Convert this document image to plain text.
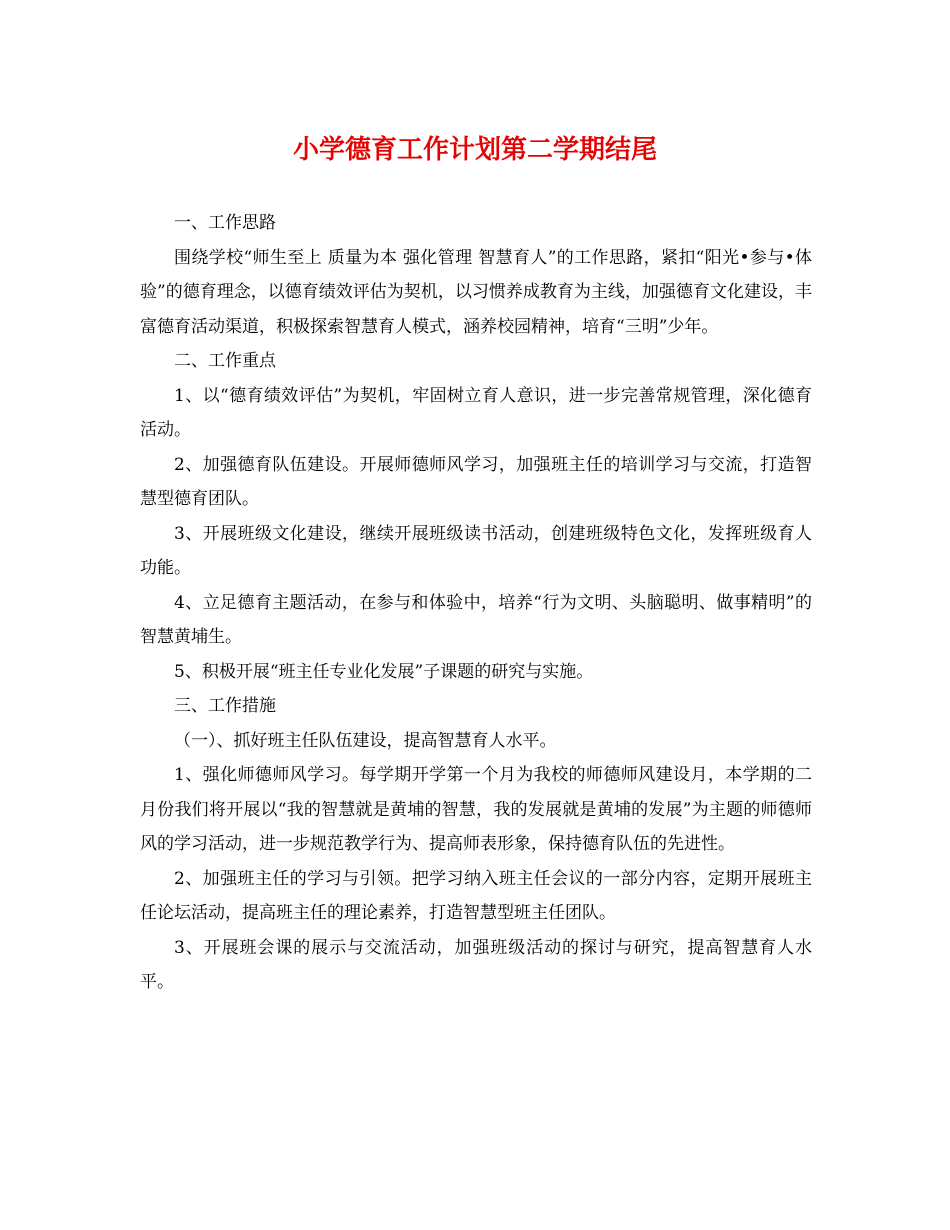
小学德育工作计划第二学期结尾

一、工作思路

围绕学校“师生至上 质量为本 强化管理 智慧育人”的工作思路，紧扣“阳光•参与•体验”的德育理念，以德育绩效评估为契机，以习惯养成教育为主线，加强德育文化建设，丰富德育活动渠道，积极探索智慧育人模式，涵养校园精神，培育“三明”少年。

二、工作重点

1、以“德育绩效评估”为契机，牢固树立育人意识，进一步完善常规管理，深化德育活动。

2、加强德育队伍建设。开展师德师风学习，加强班主任的培训学习与交流，打造智慧型德育团队。

3、开展班级文化建设，继续开展班级读书活动，创建班级特色文化，发挥班级育人功能。

4、立足德育主题活动，在参与和体验中，培养“行为文明、头脑聪明、做事精明”的智慧黄埔生。

5、积极开展“班主任专业化发展”子课题的研究与实施。

三、工作措施

（一）、抓好班主任队伍建设，提高智慧育人水平。

1、强化师德师风学习。每学期开学第一个月为我校的师德师风建设月，本学期的二月份我们将开展以“我的智慧就是黄埔的智慧，我的发展就是黄埔的发展”为主题的师德师风的学习活动，进一步规范教学行为、提高师表形象，保持德育队伍的先进性。

2、加强班主任的学习与引领。把学习纳入班主任会议的一部分内容，定期开展班主任论坛活动，提高班主任的理论素养，打造智慧型班主任团队。

3、开展班会课的展示与交流活动，加强班级活动的探讨与研究，提高智慧育人水平。
